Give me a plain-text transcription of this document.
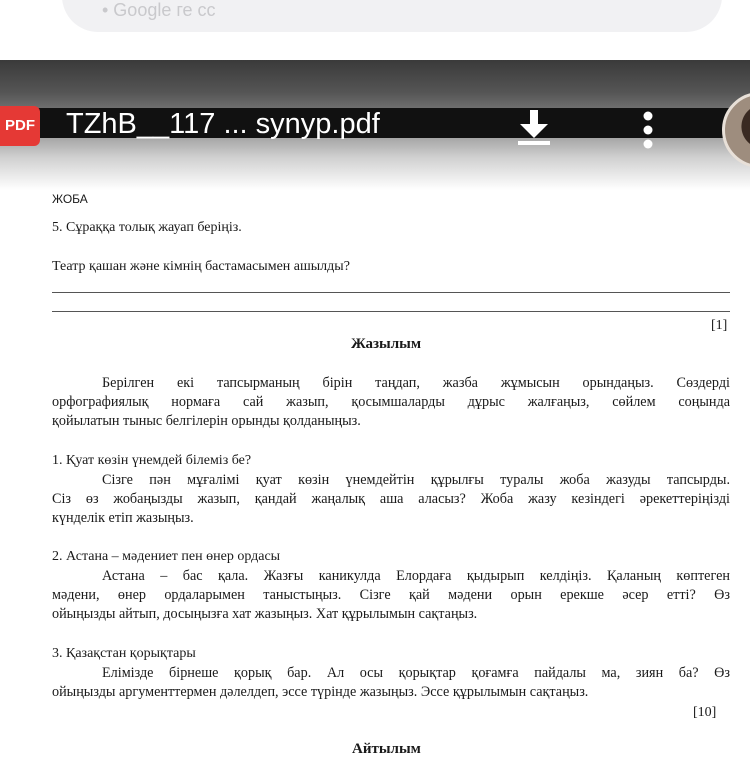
• Google ге сс
PDF TZhB__117 ... synyp.pdf
ЖОБА
5. Сұраққа толық жауап беріңіз.
Театр қашан және кімнің бастамасымен ашылды?
[1]
Жазылым
Берілген екі тапсырманың бірін таңдап, жазба жұмысын орындаңыз. Сөздерді
орфографиялық нормаға сай жазып, қосымшаларды дұрыс жалғаңыз, сөйлем соңында
қойылатын тыныс белгілерін орынды қолданыңыз.
1. Қуат көзін үнемдей білеміз бе?
Сізге пән мұғалімі қуат көзін үнемдейтін құрылғы туралы жоба жазуды тапсырды.
Сіз өз жобаңызды жазып, қандай жаңалық аша аласыз? Жоба жазу кезіндегі әрекеттеріңізді
күнделік етіп жазыңыз.
2. Астана – мәдениет пен өнер ордасы
Астана – бас қала. Жазғы каникулда Елордаға қыдырып келдіңіз. Қаланың көптеген
мәдени, өнер ордаларымен таныстыңыз. Сізге қай мәдени орын ерекше әсер етті? Өз
ойыңызды айтып, досыңызға хат жазыңыз. Хат құрылымын сақтаңыз.
3. Қазақстан қорықтары
Елімізде бірнеше қорық бар. Ал осы қорықтар қоғамға пайдалы ма, зиян ба? Өз
ойыңызды аргументтермен дәлелдеп, эссе түрінде жазыңыз. Эссе құрылымын сақтаңыз.
[10]
Айтылым
